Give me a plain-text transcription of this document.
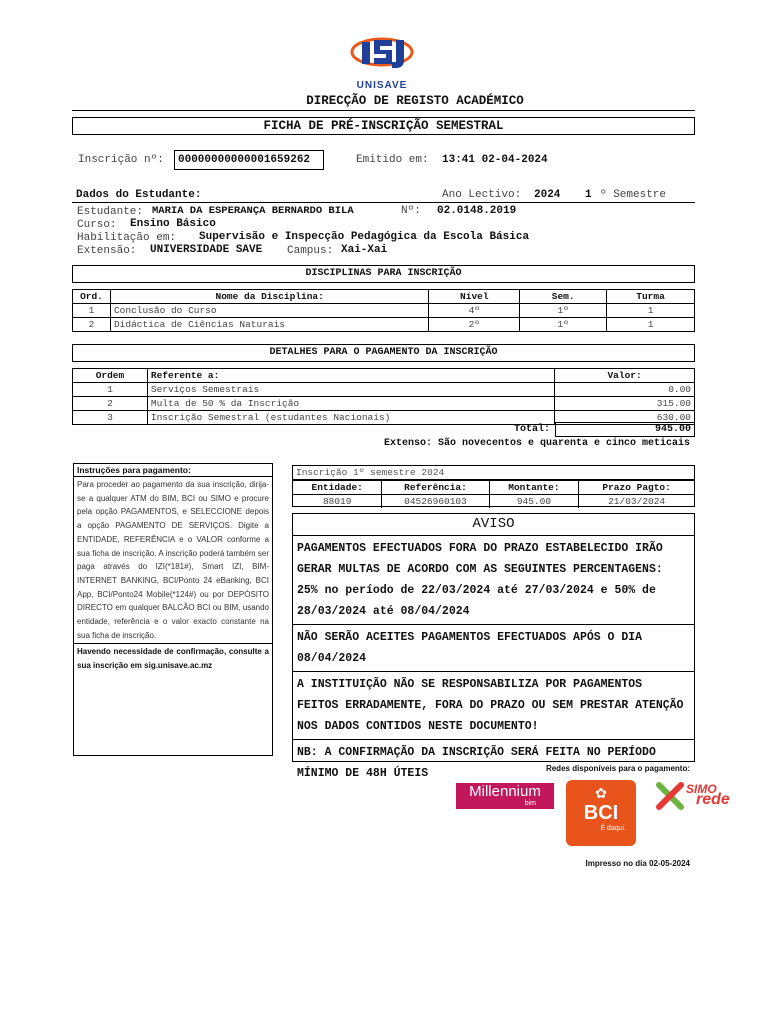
UNISAVE
DIRECÇÃO DE REGISTO ACADÉMICO
FICHA DE PRÉ-INSCRIÇÃO SEMESTRAL
Inscrição nº:	00000000000001659262	Emitido em: 13:41 02-04-2024
Dados do Estudante:	Ano Lectivo: 2024 1 º Semestre
Estudante: MARIA DA ESPERANÇA BERNARDO BILA	Nº: 02.0148.2019
Curso: Ensino Básico
Habilitação em: Supervisão e Inspecção Pedagógica da Escola Básica
Extensão: UNIVERSIDADE SAVE Campus: Xai-Xai
DISCIPLINAS PARA INSCRIÇÃO
Ord.	Nome da Disciplina:	Nível	Sem.	Turma
1	Conclusão do Curso	4º	1º	1
2	Didáctica de Ciências Naturais	2º	1º	1
DETALHES PARA O PAGAMENTO DA INSCRIÇÃO
Ordem	Referente a:	Valor:
1	Serviços Semestrais	0.00
2	Multa de 50 % da Inscrição	315.00
3	Inscrição Semestral (estudantes Nacionais)	630.00
Total:	945.00
Extenso: São novecentos e quarenta e cinco meticais
Instruções para pagamento:
Para proceder ao pagamento da sua inscrição, dirija-se a qualquer ATM do BIM, BCI ou SIMO e procure pela opção PAGAMENTOS, e SELECCIONE depois a opção PAGAMENTO DE SERVIÇOS. Digite a ENTIDADE, REFERÊNCIA e o VALOR conforme a sua ficha de inscrição. A inscrição poderá também ser paga através do IZI(*181#), Smart IZI, BIM-INTERNET BANKING, BCI/Ponto 24 eBanking, BCI App, BCI/Ponto24 Mobile(*124#) ou por DEPÓSITO DIRECTO em qualquer BALCÃO BCI ou BIM, usando entidade, referência e o valor exacto constante na sua ficha de inscrição.
Havendo necessidade de confirmação, consulte a sua inscrição em sig.unisave.ac.mz
Inscrição 1º semestre 2024
Entidade:	Referência:	Montante:	Prazo Pagto:
88019	04526960103	945.00	21/03/2024
AVISO
PAGAMENTOS EFECTUADOS FORA DO PRAZO ESTABELECIDO IRÃO GERAR MULTAS DE ACORDO COM AS SEGUINTES PERCENTAGENS: 25% no período de 22/03/2024 até 27/03/2024 e 50% de 28/03/2024 até 08/04/2024
NÃO SERÃO ACEITES PAGAMENTOS EFECTUADOS APÓS O DIA 08/04/2024
A INSTITUIÇÃO NÃO SE RESPONSABILIZA POR PAGAMENTOS FEITOS ERRADAMENTE, FORA DO PRAZO OU SEM PRESTAR ATENÇÃO NOS DADOS CONTIDOS NESTE DOCUMENTO!
NB: A CONFIRMAÇÃO DA INSCRIÇÃO SERÁ FEITA NO PERÍODO MÍNIMO DE 48H ÚTEIS	Redes disponíveis para o pagamento:
Millennium
bim
✿
BCI
É daqui.
SIMO
rede
Impresso no dia 02-05-2024
